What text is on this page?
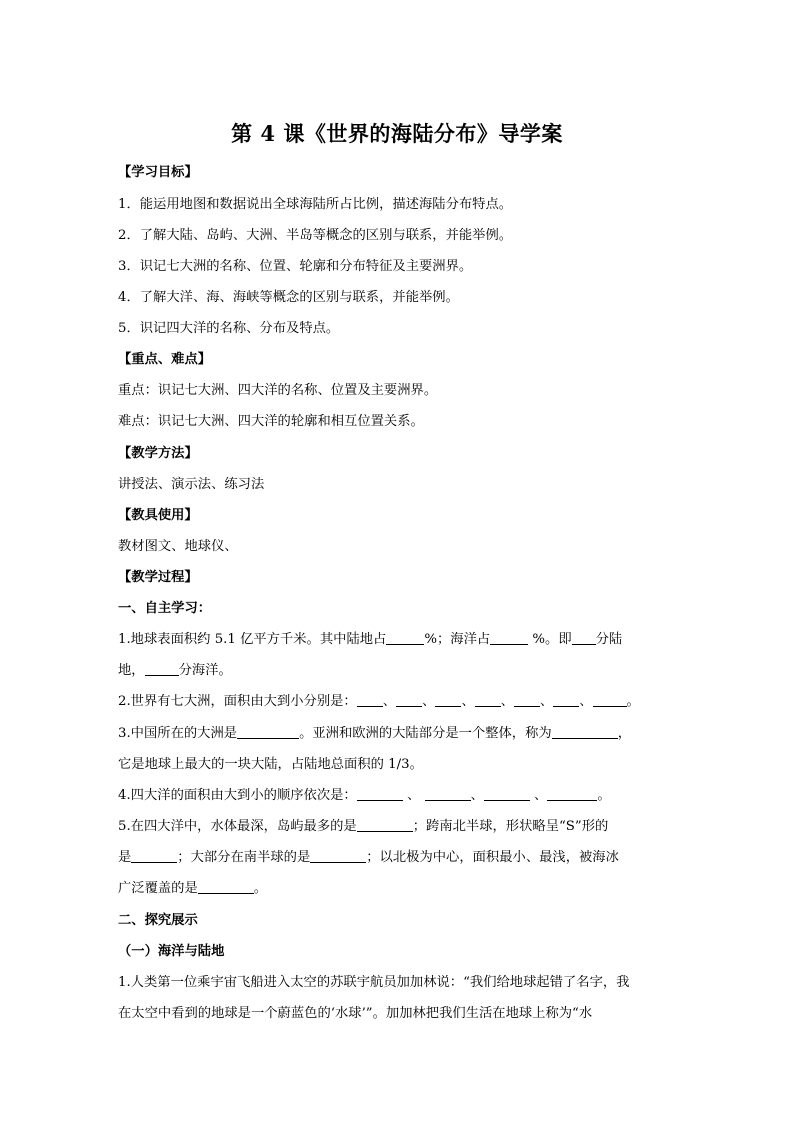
第 4 课《世界的海陆分布》导学案
【学习目标】
1．能运用地图和数据说出全球海陆所占比例，描述海陆分布特点。
2．了解大陆、岛屿、大洲、半岛等概念的区别与联系，并能举例。
3．识记七大洲的名称、位置、轮廓和分布特征及主要洲界。
4．了解大洋、海、海峡等概念的区别与联系，并能举例。
5．识记四大洋的名称、分布及特点。
【重点、难点】
重点：识记七大洲、四大洋的名称、位置及主要洲界。
难点：识记七大洲、四大洋的轮廓和相互位置关系。
【教学方法】
讲授法、演示法、练习法
【教具使用】
教材图文、地球仪、
【教学过程】
一、自主学习：
1.地球表面积约 5.1 亿平方千米。其中陆地占	%；海洋占	%。即 分陆
地，	分海洋。
2.世界有七大洲，面积由大到小分别是： 、 、 、 、 、 、	。
3.中国所在的大洲是	。亚洲和欧洲的大陆部分是一个整体，称为	，
它是地球上最大的一块大陆，占陆地总面积的 1/3。
4.四大洋的面积由大到小的顺序依次是：	、	、	、	。
5.在四大洋中，水体最深，岛屿最多的是	；跨南北半球，形状略呈“S”形的
是	；大部分在南半球的是	；以北极为中心，面积最小、最浅，被海冰
广泛覆盖的是	。
二、探究展示
（一）海洋与陆地
1.人类第一位乘宇宙飞船进入太空的苏联宇航员加加林说：“我们给地球起错了名字，我
在太空中看到的地球是一个蔚蓝色的‘水球’”。加加林把我们生活在地球上称为“水
